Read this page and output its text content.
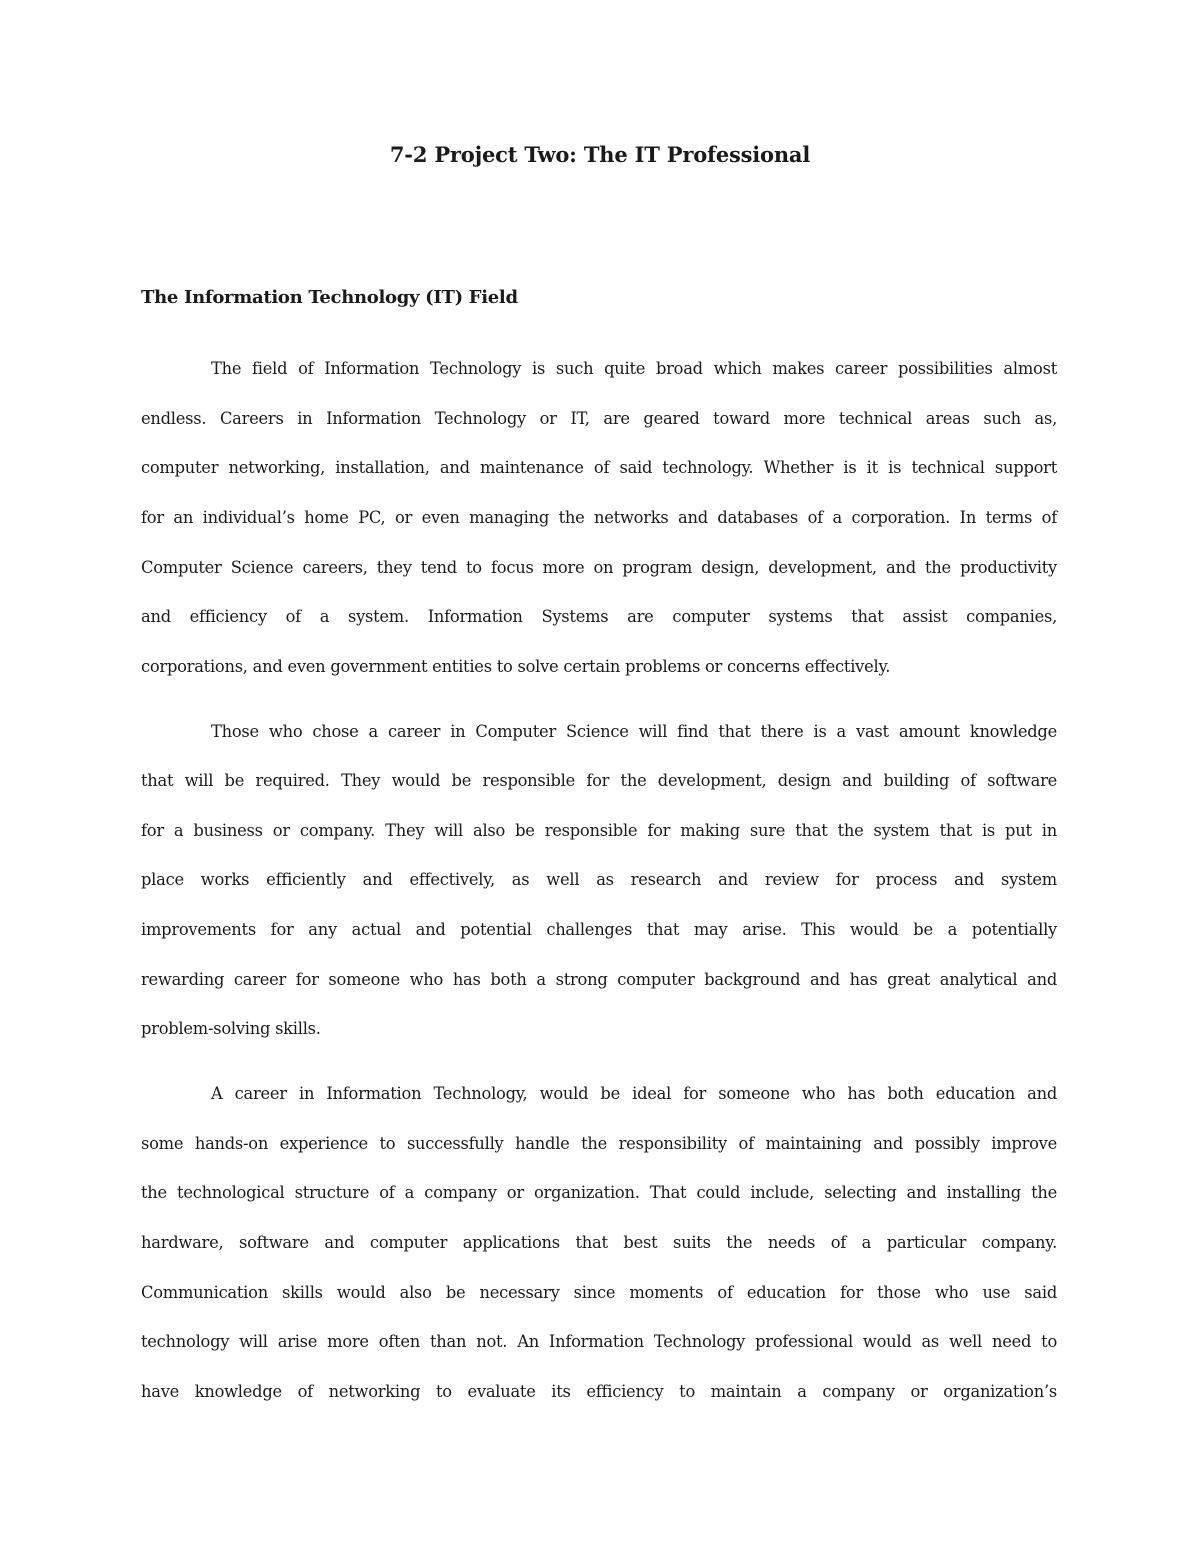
7-2 Project Two: The IT Professional
The Information Technology (IT) Field
The field of Information Technology is such quite broad which makes career possibilities almost
endless. Careers in Information Technology or IT, are geared toward more technical areas such as,
computer networking, installation, and maintenance of said technology. Whether is it is technical support
for an individual’s home PC, or even managing the networks and databases of a corporation. In terms of
Computer Science careers, they tend to focus more on program design, development, and the productivity
and efficiency of a system. Information Systems are computer systems that assist companies,
corporations, and even government entities to solve certain problems or concerns effectively.
Those who chose a career in Computer Science will find that there is a vast amount knowledge
that will be required. They would be responsible for the development, design and building of software
for a business or company. They will also be responsible for making sure that the system that is put in
place works efficiently and effectively, as well as research and review for process and system
improvements for any actual and potential challenges that may arise. This would be a potentially
rewarding career for someone who has both a strong computer background and has great analytical and
problem-solving skills.
A career in Information Technology, would be ideal for someone who has both education and
some hands-on experience to successfully handle the responsibility of maintaining and possibly improve
the technological structure of a company or organization. That could include, selecting and installing the
hardware, software and computer applications that best suits the needs of a particular company.
Communication skills would also be necessary since moments of education for those who use said
technology will arise more often than not. An Information Technology professional would as well need to
have knowledge of networking to evaluate its efficiency to maintain a company or organization’s
